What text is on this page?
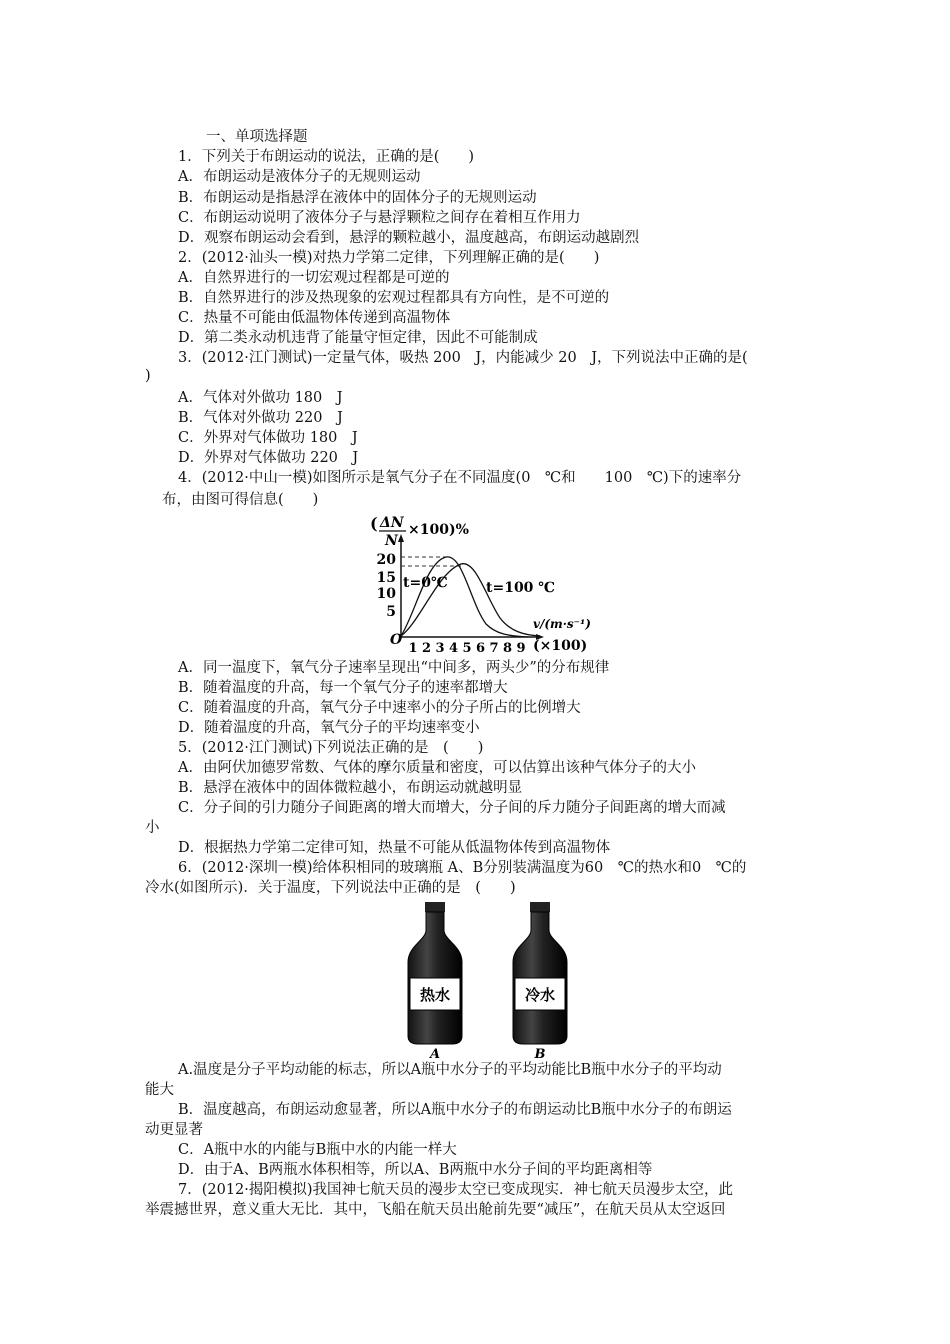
一、单项选择题
1．下列关于布朗运动的说法，正确的是(　　)
A．布朗运动是液体分子的无规则运动
B．布朗运动是指悬浮在液体中的固体分子的无规则运动
C．布朗运动说明了液体分子与悬浮颗粒之间存在着相互作用力
D．观察布朗运动会看到，悬浮的颗粒越小，温度越高，布朗运动越剧烈
2．(2012·汕头一模)对热力学第二定律，下列理解正确的是(　　)
A．自然界进行的一切宏观过程都是可逆的
B．自然界进行的涉及热现象的宏观过程都具有方向性，是不可逆的
C．热量不可能由低温物体传递到高温物体
D．第二类永动机违背了能量守恒定律，因此不可能制成
3．(2012·江门测试)一定量气体，吸热 200　J，内能减少 20　J，下列说法中正确的是(
)
A．气体对外做功 180　J
B．气体对外做功 220　J
C．外界对气体做功 180　J
D．外界对气体做功 220　J
4．(2012·中山一模)如图所示是氧气分子在不同温度(0　℃和　　100　℃)下的速率分
布，由图可得信息(　　)
( ΔN
N
×100)%
5
10
15
20
1 2 3 4 5 6 7 8 9
O
t=0℃	t=100 ℃
v/(m·s⁻¹)
(×100)
A．同一温度下，氧气分子速率呈现出“中间多，两头少”的分布规律
B．随着温度的升高，每一个氧气分子的速率都增大
C．随着温度的升高，氧气分子中速率小的分子所占的比例增大
D．随着温度的升高，氧气分子的平均速率变小
5．(2012·江门测试)下列说法正确的是　(　　)
A．由阿伏加德罗常数、气体的摩尔质量和密度，可以估算出该种气体分子的大小
B．悬浮在液体中的固体微粒越小，布朗运动就越明显
C．分子间的引力随分子间距离的增大而增大，分子间的斥力随分子间距离的增大而减
小
D．根据热力学第二定律可知，热量不可能从低温物体传到高温物体
6．(2012·深圳一模)给体积相同的玻璃瓶 A、B分别装满温度为60　℃的热水和0　℃的
冷水(如图所示)．关于温度，下列说法中正确的是　(　　)
热水	冷水
A	B
A.温度是分子平均动能的标志，所以A瓶中水分子的平均动能比B瓶中水分子的平均动
能大
B．温度越高，布朗运动愈显著，所以A瓶中水分子的布朗运动比B瓶中水分子的布朗运
动更显著
C．A瓶中水的内能与B瓶中水的内能一样大
D．由于A、B两瓶水体积相等，所以A、B两瓶中水分子间的平均距离相等
7．(2012·揭阳模拟)我国神七航天员的漫步太空已变成现实．神七航天员漫步太空，此
举震撼世界，意义重大无比．其中，飞船在航天员出舱前先要“减压”，在航天员从太空返回
